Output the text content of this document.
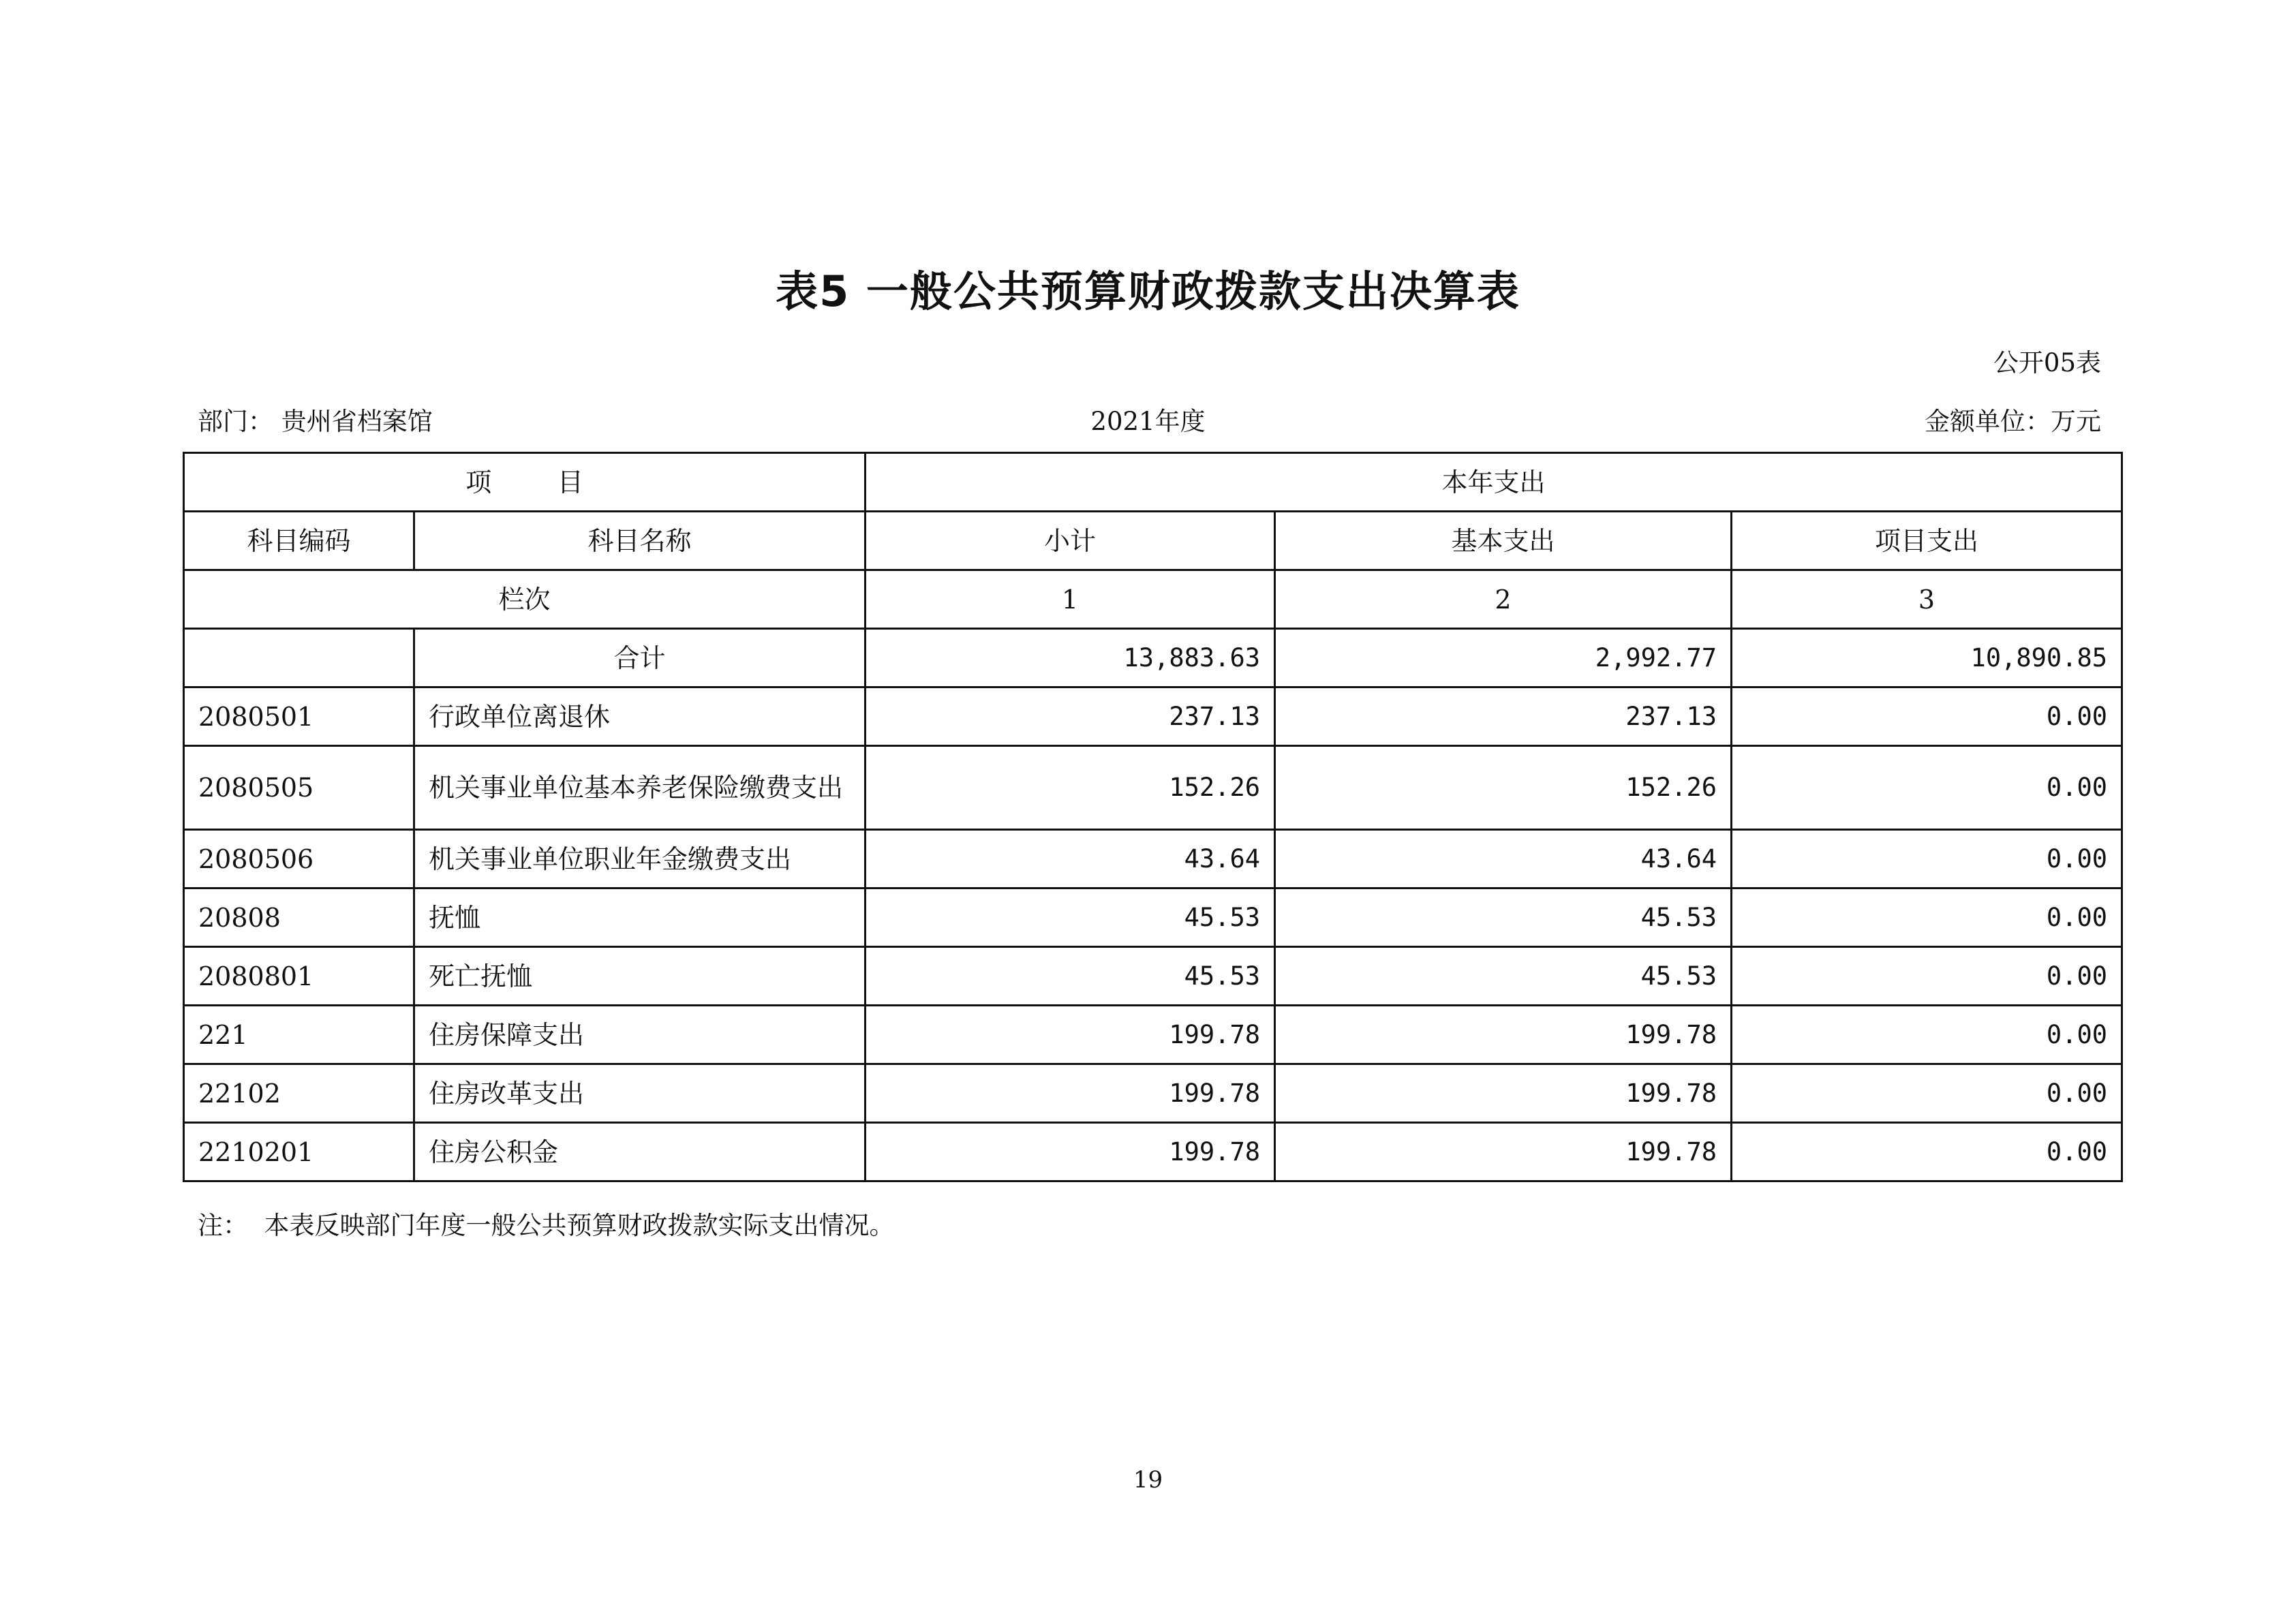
表5 一般公共预算财政拨款支出决算表
公开05表
部门： 贵州省档案馆	2021年度	金额单位：万元
项        目		本年支出		
科目编码	科目名称	小计	基本支出	项目支出
栏次		1	2	3
	合计	13,883.63	2,992.77	10,890.85
2080501	行政单位离退休	237.13	237.13	0.00
2080505	机关事业单位基本养老保险缴费支出	152.26	152.26	0.00
2080506	机关事业单位职业年金缴费支出	43.64	43.64	0.00
20808	抚恤	45.53	45.53	0.00
2080801	死亡抚恤	45.53	45.53	0.00
221	住房保障支出	199.78	199.78	0.00
22102	住房改革支出	199.78	199.78	0.00
2210201	住房公积金	199.78	199.78	0.00
注：  本表反映部门年度一般公共预算财政拨款实际支出情况。
19
